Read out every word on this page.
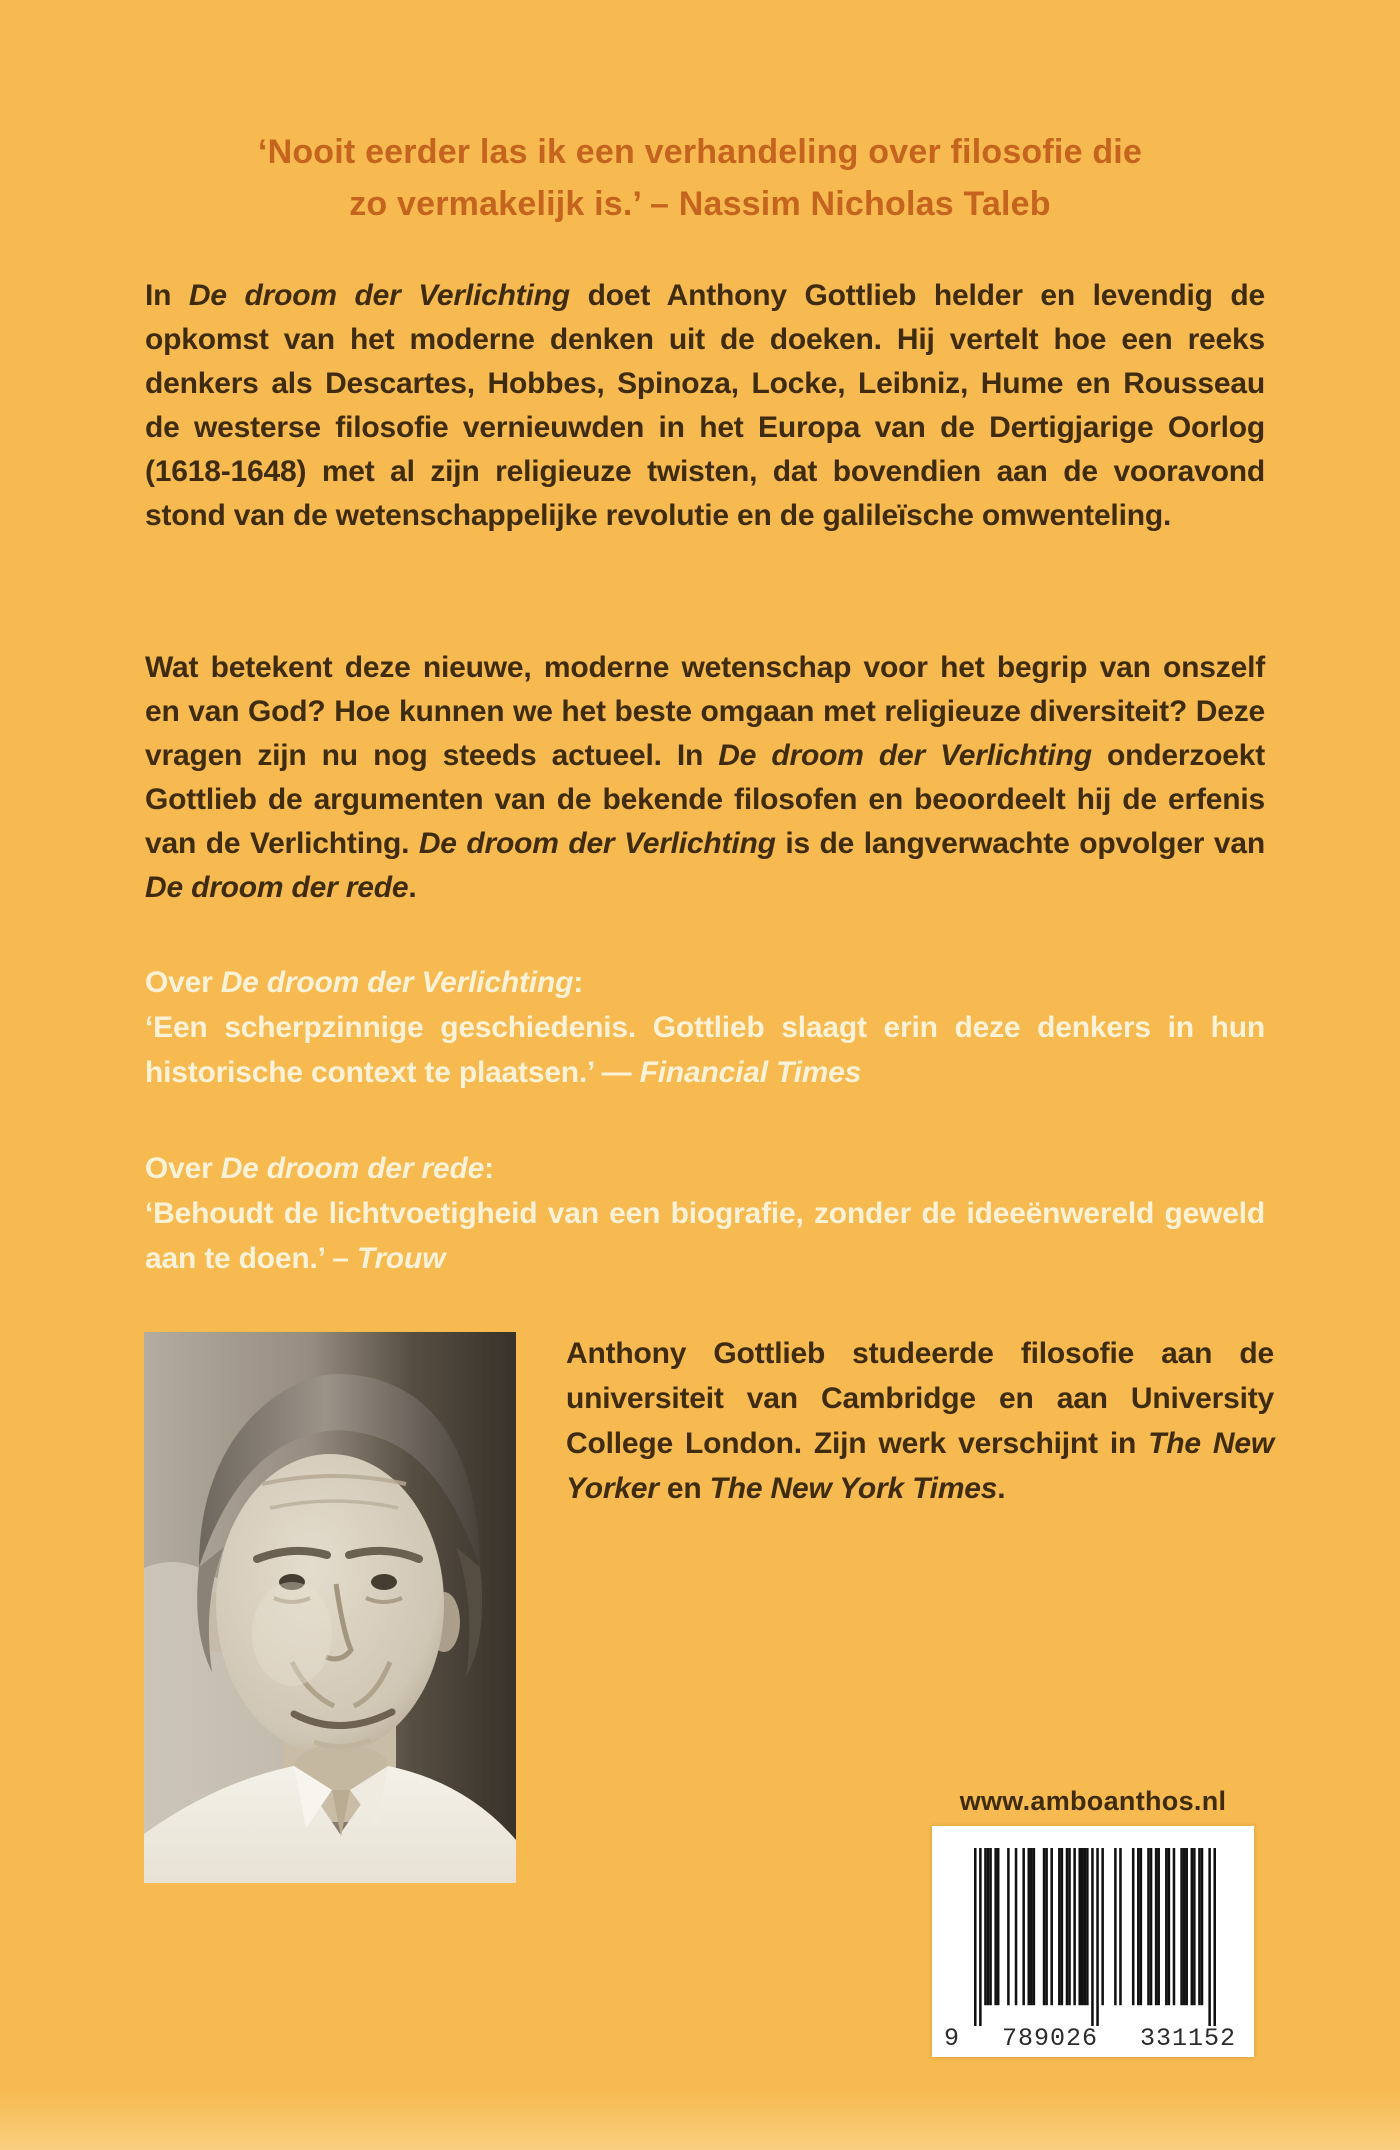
‘Nooit eerder las ik een verhandeling over filosofie die
zo vermakelijk is.’ – Nassim Nicholas Taleb

In De droom der Verlichting doet Anthony Gottlieb helder en levendig de opkomst van het moderne denken uit de doeken. Hij vertelt hoe een reeks denkers als Descartes, Hobbes, Spinoza, Locke, Leibniz, Hume en Rousseau de westerse filosofie vernieuwden in het Europa van de Dertigjarige Oorlog (1618-1648) met al zijn religieuze twisten, dat bovendien aan de vooravond stond van de wetenschappelijke revolutie en de galileïsche omwenteling.

Wat betekent deze nieuwe, moderne wetenschap voor het begrip van onszelf en van God? Hoe kunnen we het beste omgaan met religieuze diversiteit? Deze vragen zijn nu nog steeds actueel. In De droom der Verlichting onderzoekt Gottlieb de argumenten van de bekende filosofen en beoordeelt hij de erfenis van de Verlichting. De droom der Verlichting is de langverwachte opvolger van De droom der rede.

Over De droom der Verlichting:
‘Een scherpzinnige geschiedenis. Gottlieb slaagt erin deze denkers in hun historische context te plaatsen.’ — Financial Times
Over De droom der rede:
‘Behoudt de lichtvoetigheid van een biografie, zonder de ideeënwereld geweld aan te doen.’ – Trouw

Anthony Gottlieb studeerde filosofie aan de universiteit van Cambridge en aan University College London. Zijn werk verschijnt in The New Yorker en The New York Times.

www.amboanthos.nl
9 789026 331152
